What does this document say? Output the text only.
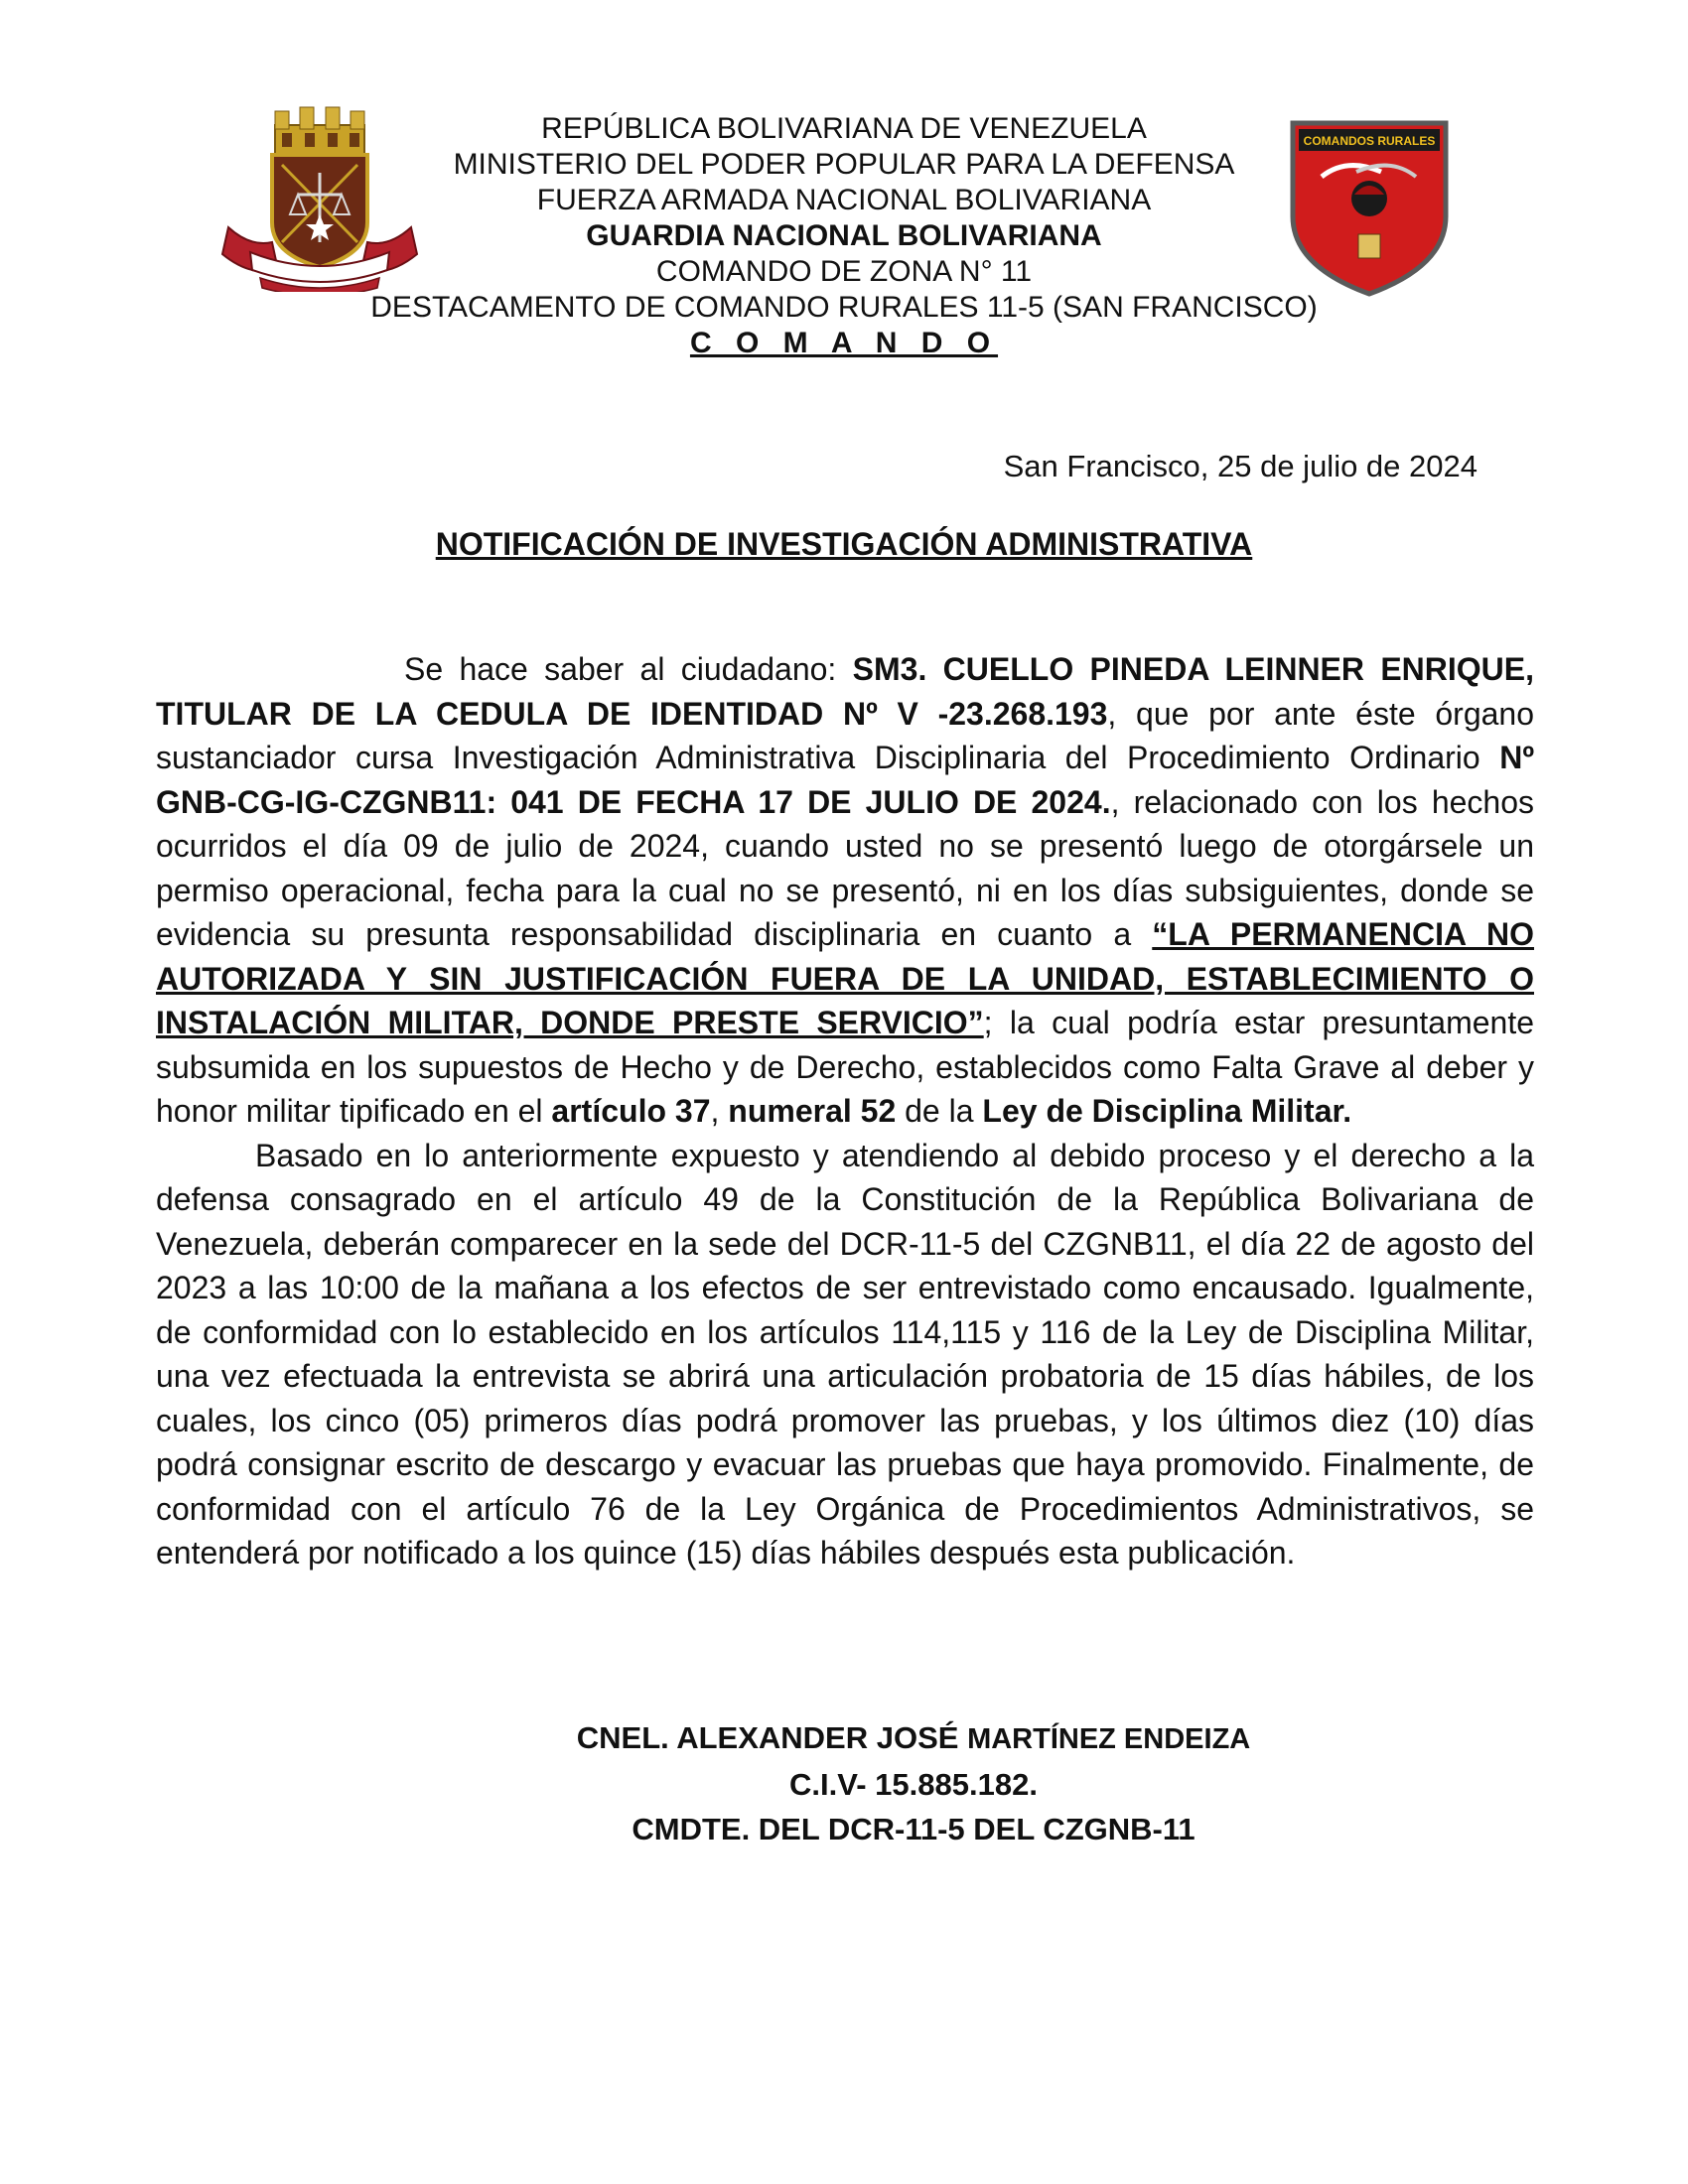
COMANDOS RURALES
REPÚBLICA BOLIVARIANA DE VENEZUELA
MINISTERIO DEL PODER POPULAR PARA LA DEFENSA
FUERZA ARMADA NACIONAL BOLIVARIANA
GUARDIA NACIONAL BOLIVARIANA
COMANDO DE ZONA N° 11
DESTACAMENTO DE COMANDO RURALES 11-5 (SAN FRANCISCO)
C O M A N D O
San Francisco, 25 de julio de 2024
NOTIFICACIÓN DE INVESTIGACIÓN ADMINISTRATIVA

Se hace saber al ciudadano: SM3. CUELLO PINEDA LEINNER ENRIQUE, TITULAR DE LA CEDULA DE IDENTIDAD Nº V -23.268.193, que por ante éste órgano sustanciador cursa Investigación Administrativa Disciplinaria del Procedimiento Ordinario Nº GNB-CG-IG-CZGNB11: 041 DE FECHA 17 DE JULIO DE 2024., relacionado con los hechos ocurridos el día 09 de julio de 2024, cuando usted no se presentó luego de otorgársele un permiso operacional, fecha para la cual no se presentó, ni en los días subsiguientes, donde se evidencia su presunta responsabilidad disciplinaria en cuanto a “LA PERMANENCIA NO AUTORIZADA Y SIN JUSTIFICACIÓN FUERA DE LA UNIDAD, ESTABLECIMIENTO O INSTALACIÓN MILITAR, DONDE PRESTE SERVICIO”; la cual podría estar presuntamente subsumida en los supuestos de Hecho y de Derecho, establecidos como Falta Grave al deber y honor militar tipificado en el artículo 37, numeral 52 de la Ley de Disciplina Militar.

Basado en lo anteriormente expuesto y atendiendo al debido proceso y el derecho a la defensa consagrado en el artículo 49 de la Constitución de la República Bolivariana de Venezuela, deberán comparecer en la sede del DCR-11-5 del CZGNB11, el día 22 de agosto del 2023 a las 10:00 de la mañana a los efectos de ser entrevistado como encausado. Igualmente, de conformidad con lo establecido en los artículos 114,115 y 116 de la Ley de Disciplina Militar, una vez efectuada la entrevista se abrirá una articulación probatoria de 15 días hábiles, de los cuales, los cinco (05) primeros días podrá promover las pruebas, y los últimos diez (10) días podrá consignar escrito de descargo y evacuar las pruebas que haya promovido. Finalmente, de conformidad con el artículo 76 de la Ley Orgánica de Procedimientos Administrativos, se entenderá por notificado a los quince (15) días hábiles después esta publicación.

CNEL. ALEXANDER JOSÉ MARTÍNEZ ENDEIZA
C.I.V- 15.885.182.
CMDTE. DEL DCR-11-5 DEL CZGNB-11
